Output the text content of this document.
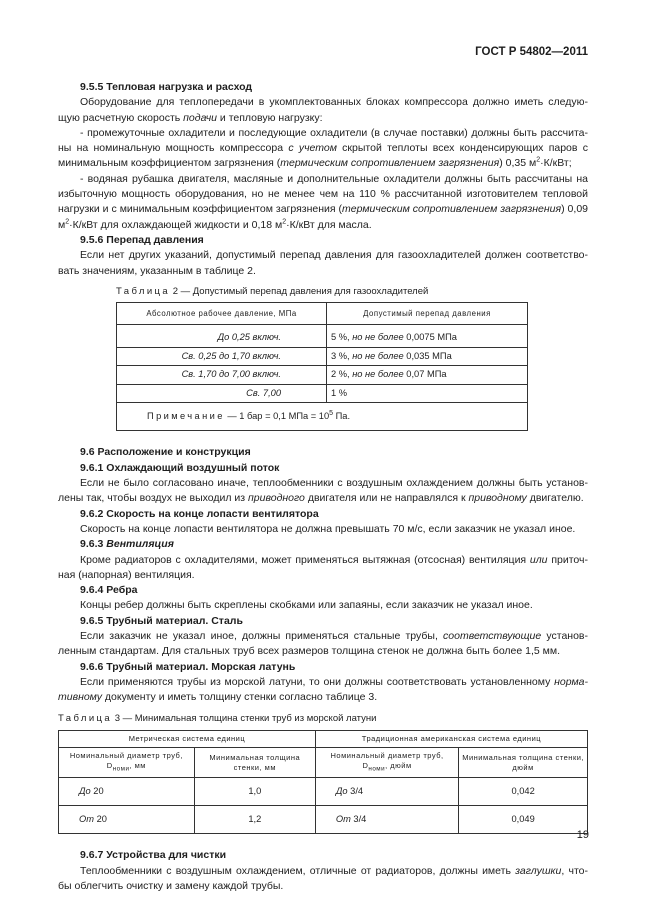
ГОСТ Р 54802—2011

9.5.5 Тепловая нагрузка и расход

Оборудование для теплопередачи в укомплектованных блоках компрессора должно иметь следую-щую расчетную скорость подачи и тепловую нагрузку:

- промежуточные охладители и последующие охладители (в случае поставки) должны быть рассчита-ны на номинальную мощность компрессора с учетом скрытой теплоты всех конденсирующих паров с минимальным коэффициентом загрязнения (термическим сопротивлением загрязнения) 0,35 $м^2\cdot К$/кВт;

- водяная рубашка двигателя, масляные и дополнительные охладители должны быть рассчитаны на избыточную мощность оборудования, но не менее чем на 110 % рассчитанной изготовителем тепловой нагрузки и с минимальным коэффициентом загрязнения (термическим сопротивлением загрязнения) 0,09 $м^2\cdot К$/кВт для охлаждающей жидкости и 0,18 $м^2\cdot К$/кВт для масла.

9.5.6 Перепад давления

Если нет других указаний, допустимый перепад давления для газоохладителей должен соответство-вать значениям, указанным в таблице 2.

Таблица 2 — Допустимый перепад давления для газоохладителей
Абсолютное рабочее давление, МПа	Допустимый перепад давления
До 0,25 включ.	5 %, но не более 0,0075 МПа
Св. 0,25 до 1,70 включ.	3 %, но не более 0,035 МПа
Св. 1,70 до 7,00 включ.	2 %, но не более 0,07 МПа
Св. 7,00	1 %
Примечание — 1 бар = 0,1 МПа = $10^5$ Па.	

9.6 Расположение и конструкция

9.6.1 Охлаждающий воздушный поток

Если не было согласовано иначе, теплообменники с воздушным охлаждением должны быть установ-лены так, чтобы воздух не выходил из приводного двигателя или не направлялся к приводному двигателю.

9.6.2 Скорость на конце лопасти вентилятора

Скорость на конце лопасти вентилятора не должна превышать 70 м/с, если заказчик не указал иное.

9.6.3 Вентиляция

Кроме радиаторов с охладителями, может применяться вытяжная (отсосная) вентиляция или приточ-ная (напорная) вентиляция.

9.6.4 Ребра

Концы ребер должны быть скреплены скобками или запаяны, если заказчик не указал иное.

9.6.5 Трубный материал. Сталь

Если заказчик не указал иное, должны применяться стальные трубы, соответствующие установ-ленным стандартам. Для стальных труб всех размеров толщина стенок не должна быть более 1,5 мм.

9.6.6 Трубный материал. Морская латунь

Если применяются трубы из морской латуни, то они должны соответствовать установленному норма-тивному документу и иметь толщину стенки согласно таблице 3.

Таблица 3 — Минимальная толщина стенки труб из морской латуни
Метрическая система единиц		Традиционная американская система единиц	
Номинальный диаметр труб, $D_{номи}$, мм	Минимальная толщина стенки, мм	Номинальный диаметр труб, $D_{номи}$, дюйм	Минимальная толщина стенки, дюйм
До 20	1,0	До 3/4	0,042
От 20	1,2	От 3/4	0,049

9.6.7 Устройства для чистки

Теплообменники с воздушным охлаждением, отличные от радиаторов, должны иметь заглушки, что-бы облегчить очистку и замену каждой трубы.

19
